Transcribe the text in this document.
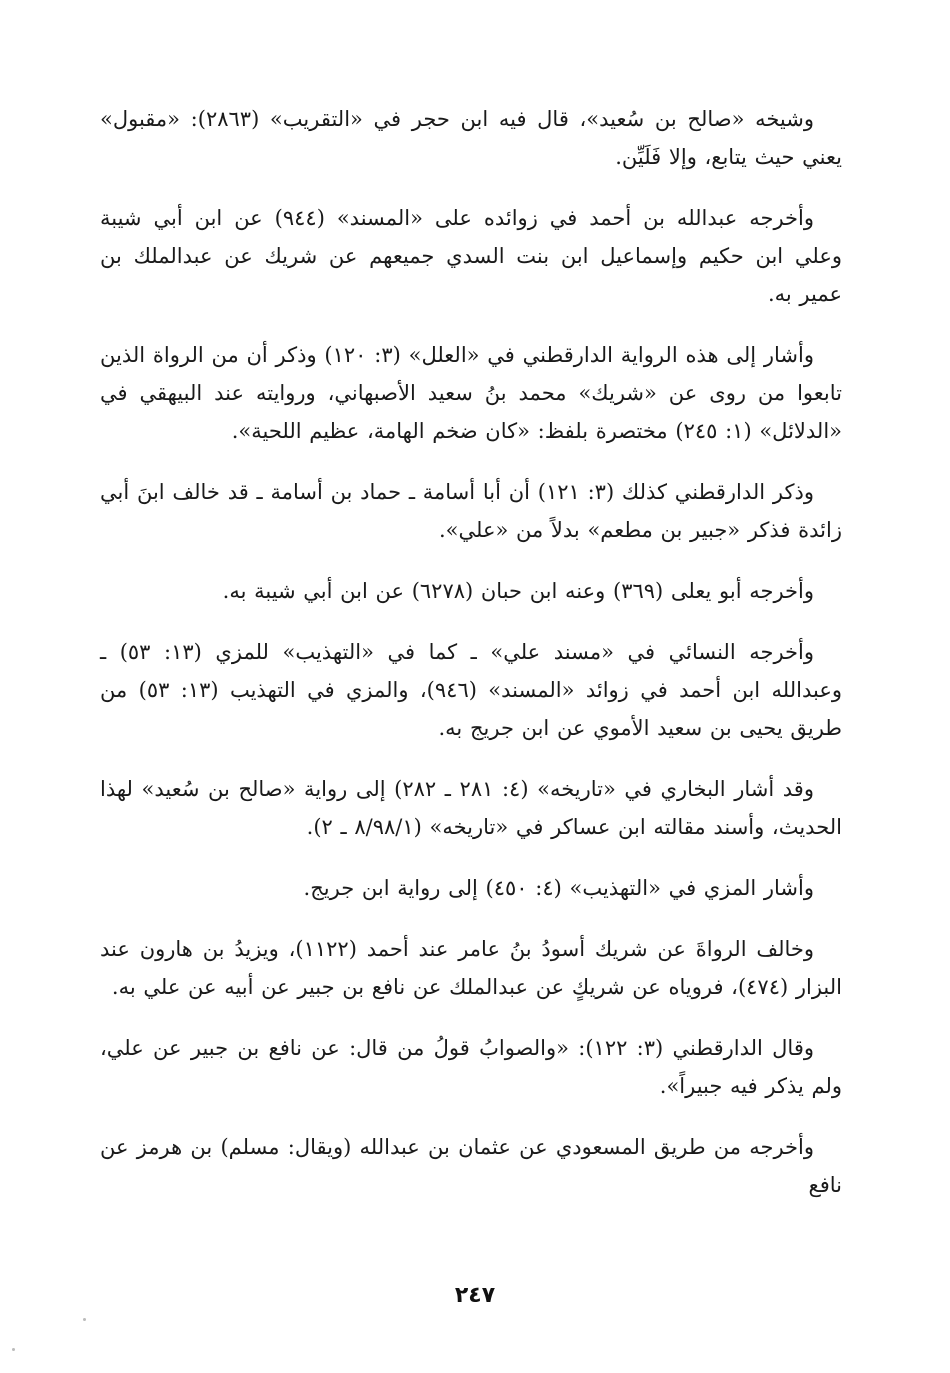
وشيخه «صالح بن سُعيد»، قال فيه ابن حجر في «التقريب» (٢٨٦٣): «مقبول» يعني حيث يتابع، وإلا فَلَيِّن.

وأخرجه عبدالله بن أحمد في زوائده على «المسند» (٩٤٤) عن ابن أبي شيبة وعلي ابن حكيم وإسماعيل ابن بنت السدي جميعهم عن شريك عن عبدالملك بن عمير به.

وأشار إلى هذه الرواية الدارقطني في «العلل» (٣: ١٢٠) وذكر أن من الرواة الذين تابعوا من روى عن «شريك» محمد بنُ سعيد الأصبهاني، وروايته عند البيهقي في «الدلائل» (١: ٢٤٥) مختصرة بلفظ: «كان ضخم الهامة، عظيم اللحية».

وذكر الدارقطني كذلك (٣: ١٢١) أن أبا أسامة ـ حماد بن أسامة ـ قد خالف ابنَ أبي زائدة فذكر «جبير بن مطعم» بدلاً من «علي».

وأخرجه أبو يعلى (٣٦٩) وعنه ابن حبان (٦٢٧٨) عن ابن أبي شيبة به.

وأخرجه النسائي في «مسند علي» ـ كما في «التهذيب» للمزي (١٣: ٥٣) ـ وعبدالله ابن أحمد في زوائد «المسند» (٩٤٦)، والمزي في التهذيب (١٣: ٥٣) من طريق يحيى بن سعيد الأموي عن ابن جريج به.

وقد أشار البخاري في «تاريخه» (٤: ٢٨١ ـ ٢٨٢) إلى رواية «صالح بن سُعيد» لهذا الحديث، وأسند مقالته ابن عساكر في «تاريخه» (٨/٩٨/١ ـ ٢).

وأشار المزي في «التهذيب» (٤: ٤٥٠) إلى رواية ابن جريج.

وخالف الرواةَ عن شريك أسودُ بنُ عامر عند أحمد (١١٢٢)، ويزيدُ بن هارون عند البزار (٤٧٤)، فروياه عن شريكٍ عن عبدالملك عن نافع بن جبير عن أبيه عن علي به.

وقال الدارقطني (٣: ١٢٢): «والصوابُ قولُ من قال: عن نافع بن جبير عن علي، ولم يذكر فيه جبيراً».

وأخرجه من طريق المسعودي عن عثمان بن عبدالله (ويقال: مسلم) بن هرمز عن نافع

٢٤٧
